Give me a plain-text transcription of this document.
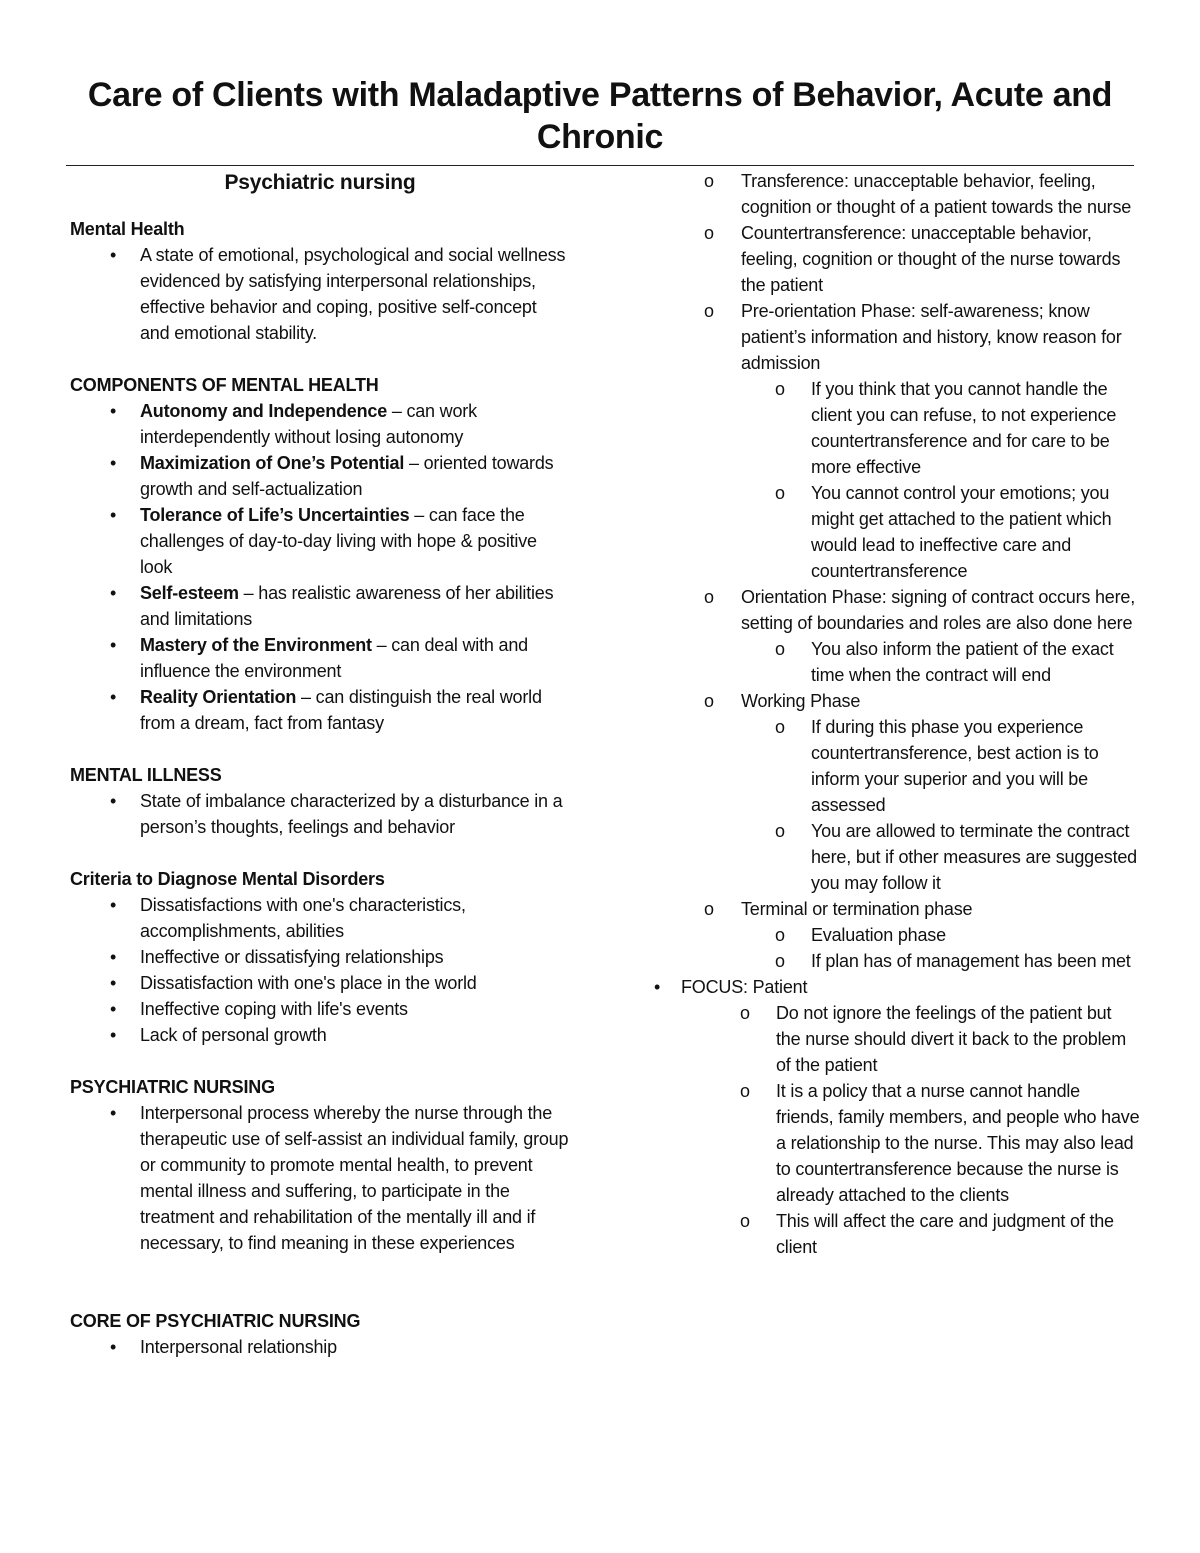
Care of Clients with Maladaptive Patterns of Behavior, Acute and Chronic
Psychiatric nursing
Mental Health
• A state of emotional, psychological and social wellness evidenced by satisfying interpersonal relationships, effective behavior and coping, positive self-concept and emotional stability.
COMPONENTS OF MENTAL HEALTH
• Autonomy and Independence – can work interdependently without losing autonomy
• Maximization of One’s Potential – oriented towards growth and self-actualization
• Tolerance of Life’s Uncertainties – can face the challenges of day-to-day living with hope & positive look
• Self-esteem – has realistic awareness of her abilities and limitations
• Mastery of the Environment – can deal with and influence the environment
• Reality Orientation – can distinguish the real world from a dream, fact from fantasy
MENTAL ILLNESS
• State of imbalance characterized by a disturbance in a person’s thoughts, feelings and behavior
Criteria to Diagnose Mental Disorders
• Dissatisfactions with one's characteristics, accomplishments, abilities
• Ineffective or dissatisfying relationships
• Dissatisfaction with one's place in the world
• Ineffective coping with life's events
• Lack of personal growth
PSYCHIATRIC NURSING
• Interpersonal process whereby the nurse through the therapeutic use of self-assist an individual family, group or community to promote mental health, to prevent mental illness and suffering, to participate in the treatment and rehabilitation of the mentally ill and if necessary, to find meaning in these experiences
CORE OF PSYCHIATRIC NURSING
• Interpersonal relationship
o Transference: unacceptable behavior, feeling, cognition or thought of a patient towards the nurse
o Countertransference: unacceptable behavior, feeling, cognition or thought of the nurse towards the patient
o Pre-orientation Phase: self-awareness; know patient’s information and history, know reason for admission
o If you think that you cannot handle the client you can refuse, to not experience countertransference and for care to be more effective
o You cannot control your emotions; you might get attached to the patient which would lead to ineffective care and countertransference
o Orientation Phase: signing of contract occurs here, setting of boundaries and roles are also done here
o You also inform the patient of the exact time when the contract will end
o Working Phase
o If during this phase you experience countertransference, best action is to inform your superior and you will be assessed
o You are allowed to terminate the contract here, but if other measures are suggested you may follow it
o Terminal or termination phase
o Evaluation phase
o If plan has of management has been met
• FOCUS: Patient
o Do not ignore the feelings of the patient but the nurse should divert it back to the problem of the patient
o It is a policy that a nurse cannot handle friends, family members, and people who have a relationship to the nurse. This may also lead to countertransference because the nurse is already attached to the clients
o This will affect the care and judgment of the client
